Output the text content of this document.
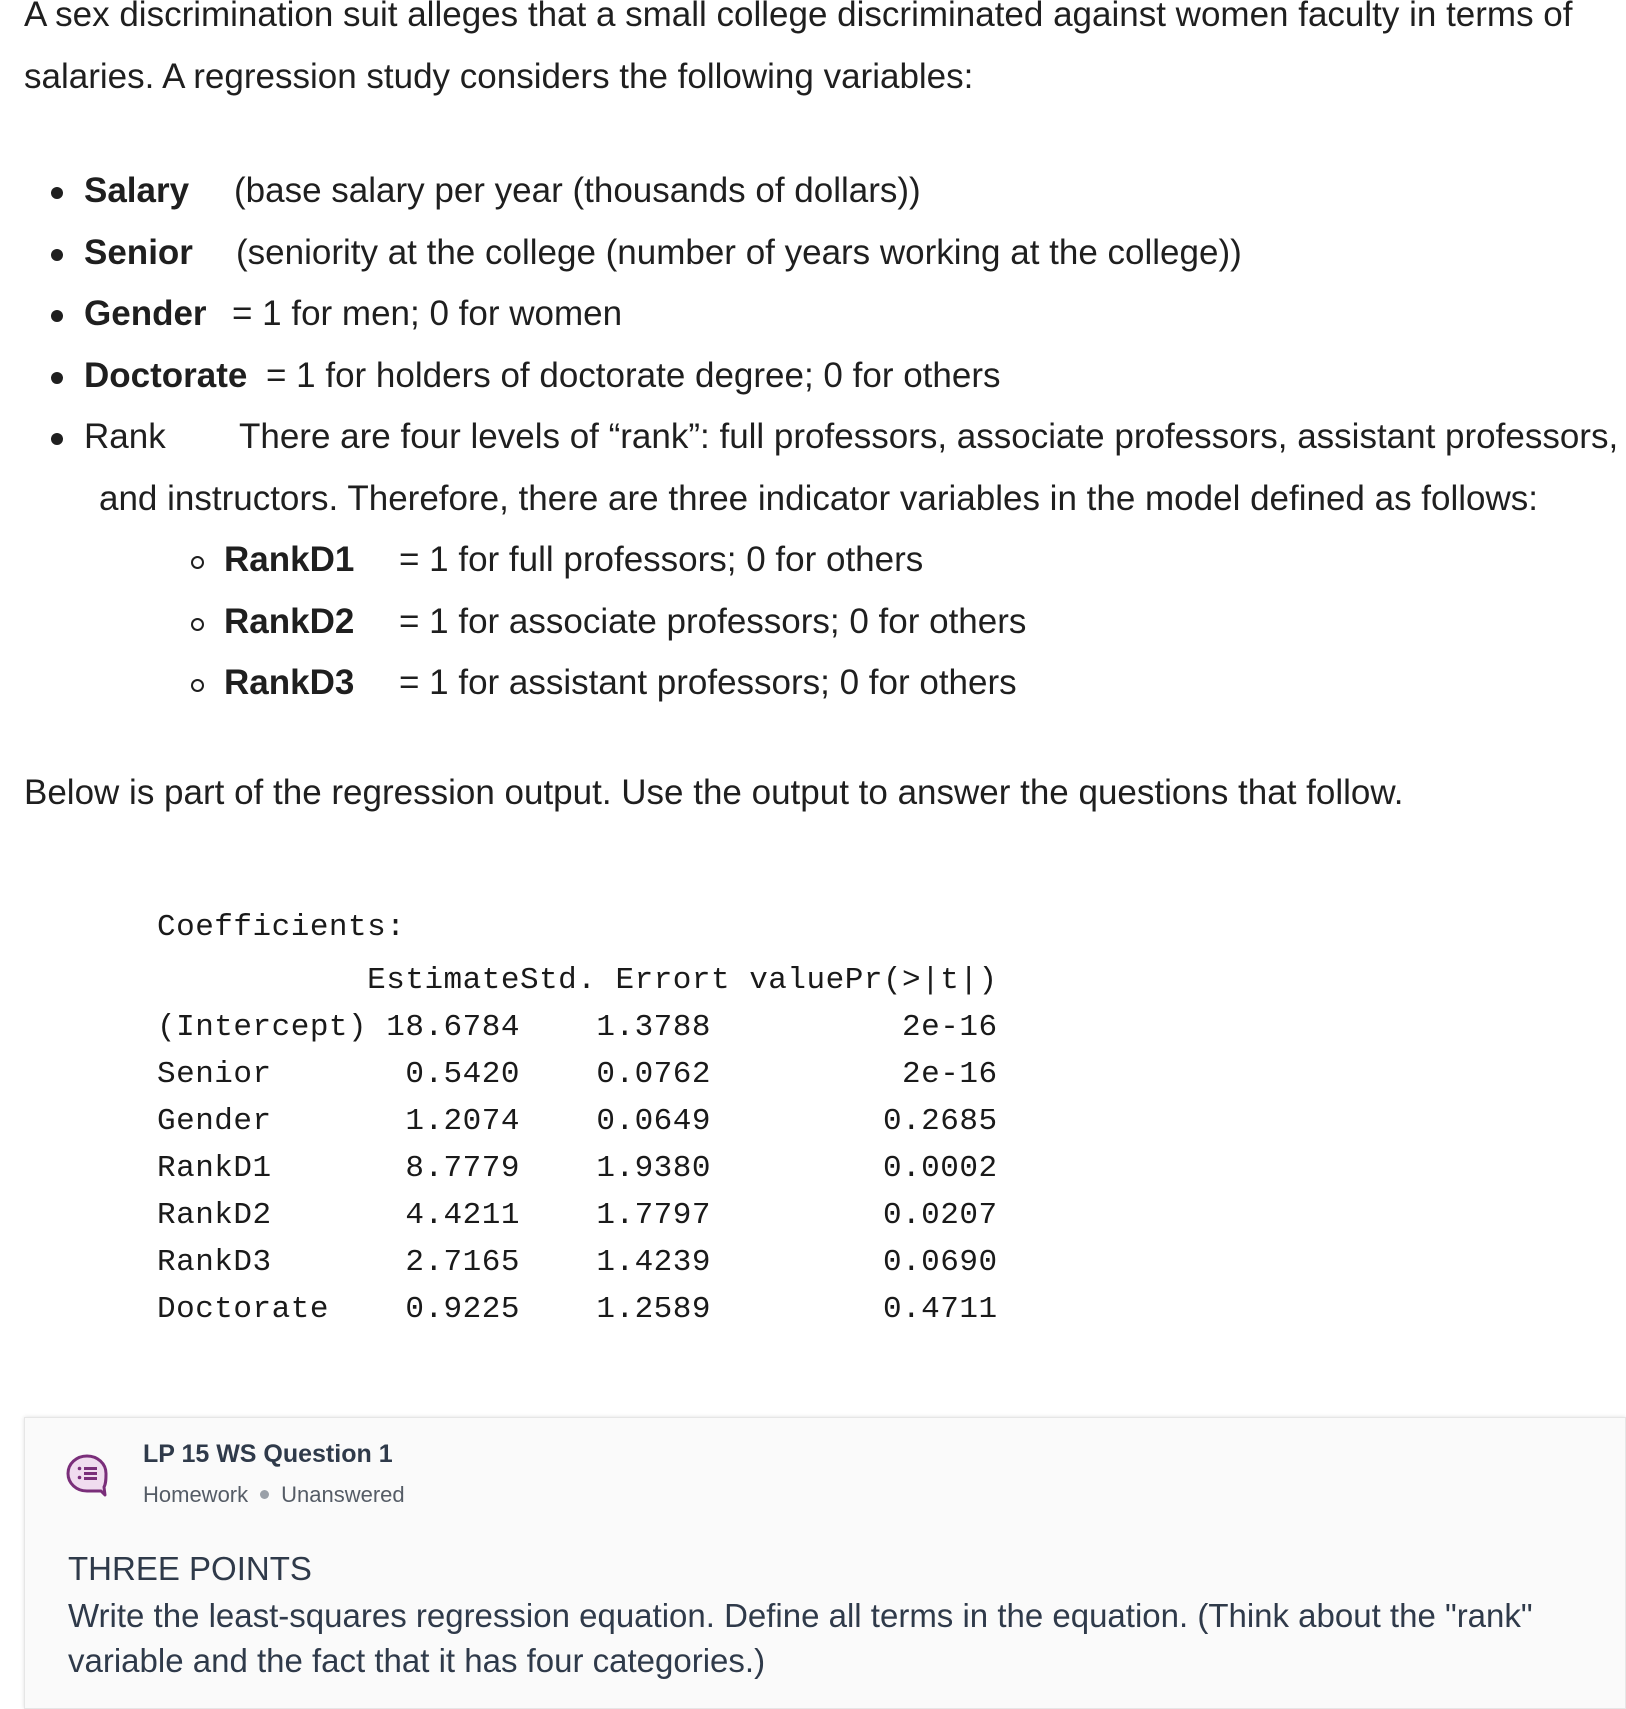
A sex discrimination suit alleges that a small college discriminated against women faculty in terms of salaries. A regression study considers the following variables:

Salary (base salary per year (thousands of dollars))
Senior (seniority at the college (number of years working at the college))
Gender = 1 for men; 0 for women
Doctorate = 1 for holders of doctorate degree; 0 for others
Rank There are four levels of “rank”: full professors, associate professors, assistant professors,
and instructors. Therefore, there are three indicator variables in the model defined as follows:
RankD1 = 1 for full professors; 0 for others
RankD2 = 1 for associate professors; 0 for others
RankD3 = 1 for assistant professors; 0 for others

Below is part of the regression output. Use the output to answer the questions that follow.

Coefficients:
	Estimate	Std. Error	t value	Pr(>|t|)
(Intercept)	18.6784	1.3788		2e-16
Senior	0.5420	0.0762		2e-16
Gender	1.2074	0.0649		0.2685
RankD1	8.7779	1.9380		0.0002
RankD2	4.4211	1.7797		0.0207
RankD3	2.7165	1.4239		0.0690
Doctorate	0.9225	1.2589		0.4711
LP 15 WS Question 1
Homework Unanswered
THREE POINTS
Write the least-squares regression equation. Define all terms in the equation. (Think about the "rank" variable and the fact that it has four categories.)
